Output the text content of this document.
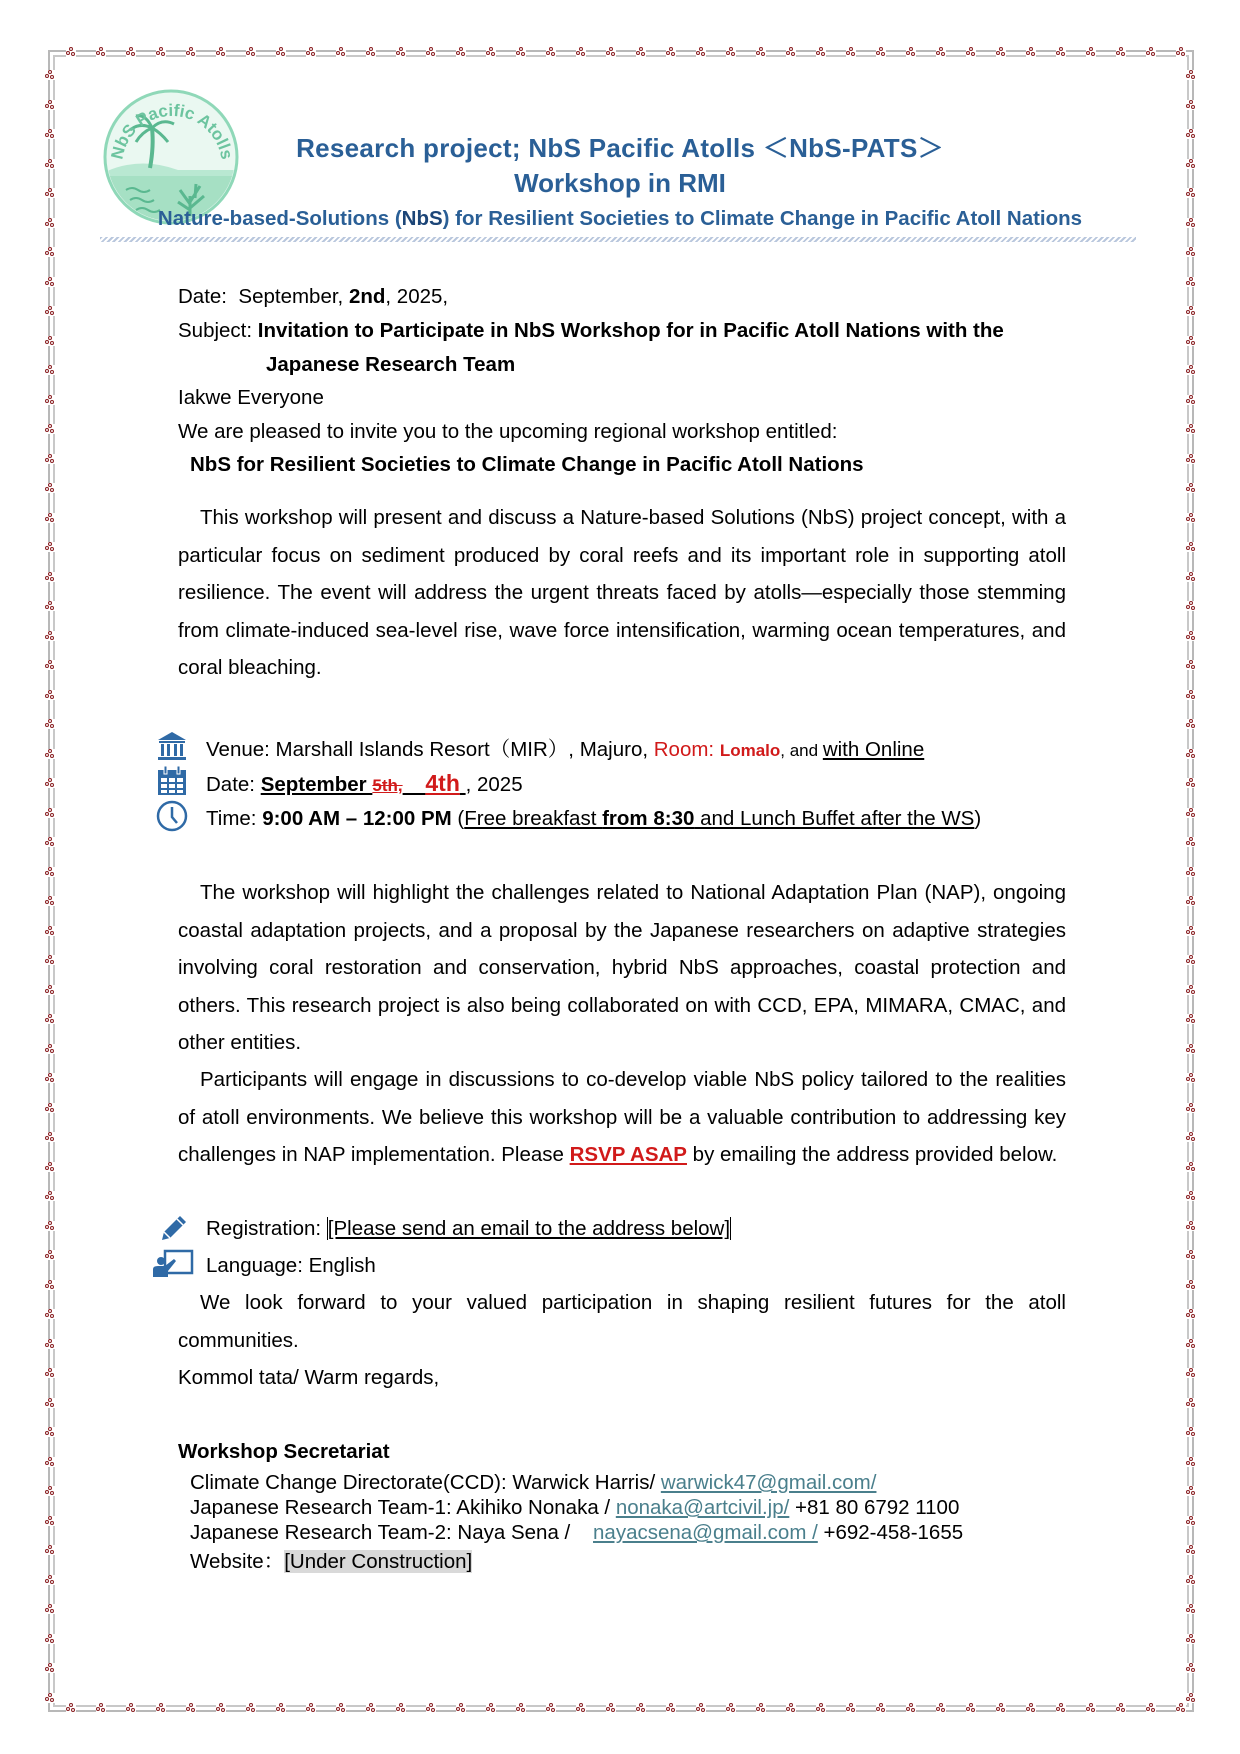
NbS Pacific Atolls	Research project; NbS Pacific Atolls ＜NbS-PATS＞
Workshop in RMI
Nature-based-Solutions (NbS) for Resilient Societies to Climate Change in Pacific Atoll Nations
Date: September, 2nd, 2025,
Subject: Invitation to Participate in NbS Workshop for in Pacific Atoll Nations with the
Japanese Research Team
Iakwe Everyone
We are pleased to invite you to the upcoming regional workshop entitled:
NbS for Resilient Societies to Climate Change in Pacific Atoll Nations
This workshop will present and discuss a Nature-based Solutions (NbS) project concept, with a particular focus on sediment produced by coral reefs and its important role in supporting atoll resilience. The event will address the urgent threats faced by atolls—especially those stemming from climate-induced sea-level rise, wave force intensification, warming ocean temperatures, and coral bleaching.
Venue: Marshall Islands Resort（MIR）, Majuro, Room: Lomalo, and with Online
Date: September 5th, 4th , 2025
Time: 9:00 AM – 12:00 PM (Free breakfast from 8:30 and Lunch Buffet after the WS)
The workshop will highlight the challenges related to National Adaptation Plan (NAP), ongoing coastal adaptation projects, and a proposal by the Japanese researchers on adaptive strategies involving coral restoration and conservation, hybrid NbS approaches, coastal protection and others. This research project is also being collaborated on with CCD, EPA, MIMARA, CMAC, and other entities.
Participants will engage in discussions to co-develop viable NbS policy tailored to the realities of atoll environments. We believe this workshop will be a valuable contribution to addressing key challenges in NAP implementation. Please RSVP ASAP by emailing the address provided below.
Registration: [Please send an email to the address below]
Language: English
We look forward to your valued participation in shaping resilient futures for the atoll communities.
Kommol tata/ Warm regards,
Workshop Secretariat
Climate Change Directorate(CCD): Warwick Harris/ warwick47@gmail.com/
Japanese Research Team-1: Akihiko Nonaka / nonaka@artcivil.jp/ +81 80 6792 1100
Japanese Research Team-2: Naya Sena /    nayacsena@gmail.com / +692-458-1655
Website：[Under Construction]
